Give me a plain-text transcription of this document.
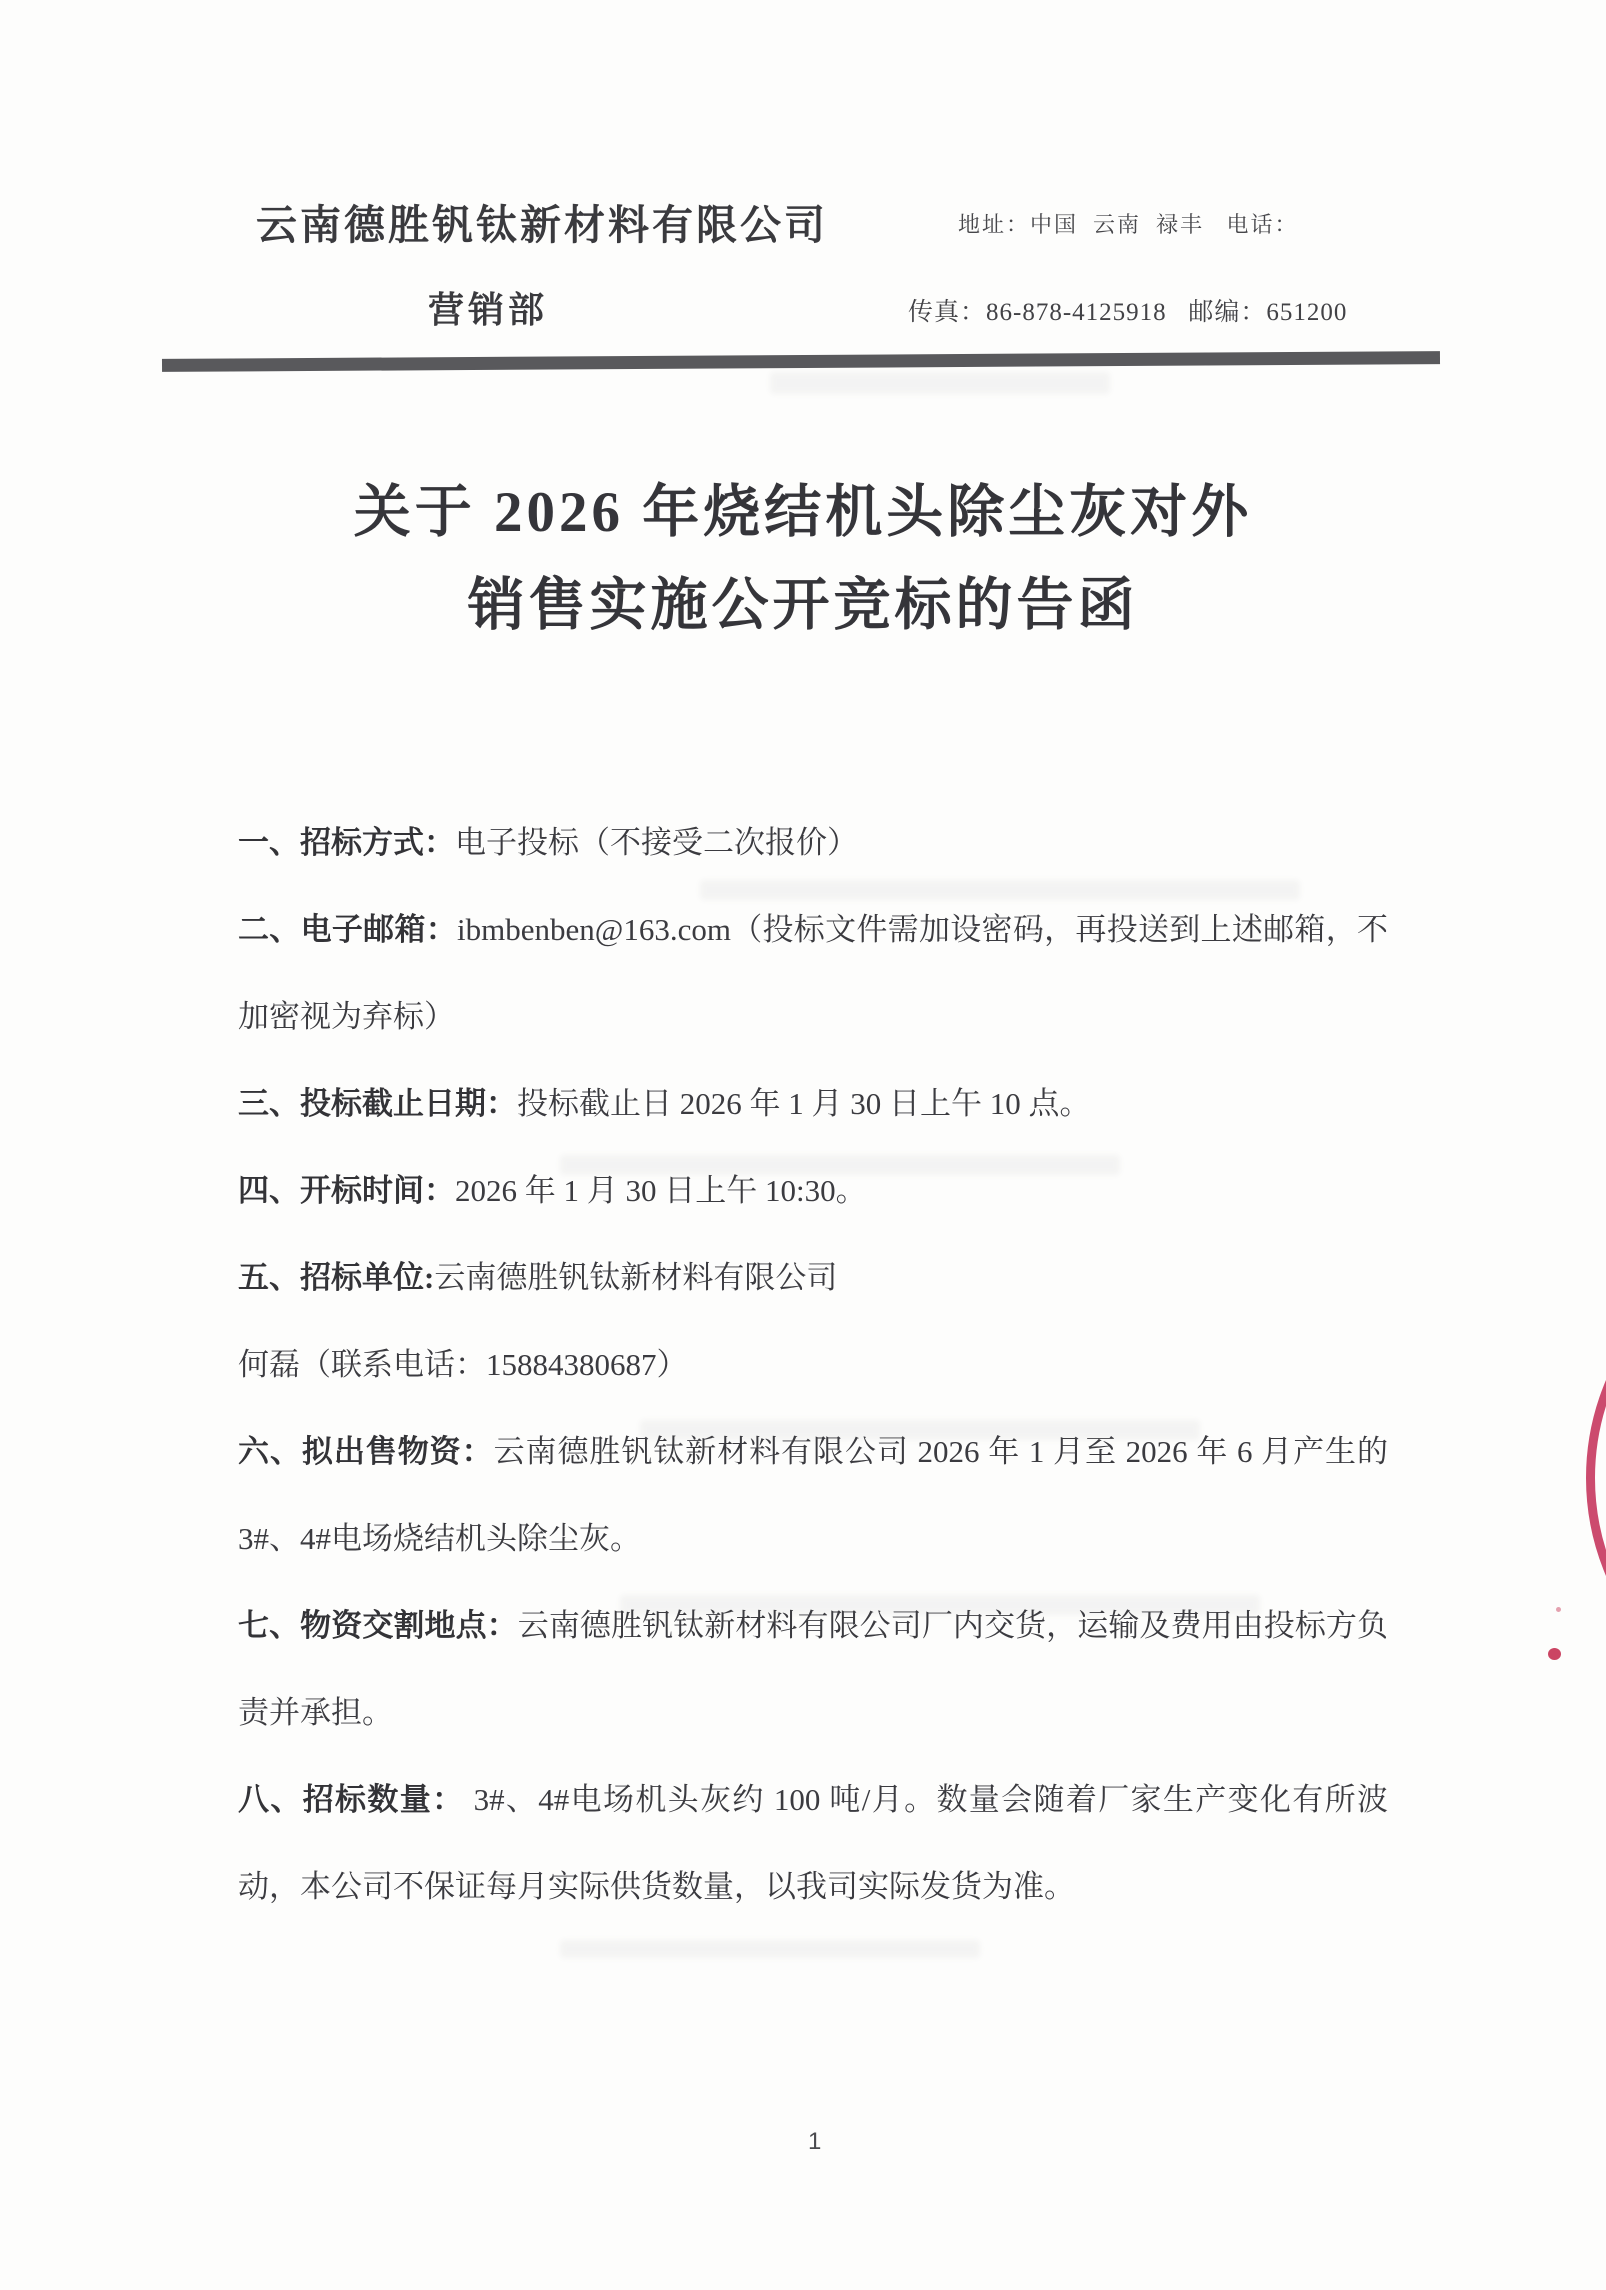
云南德胜钒钛新材料有限公司
营销部
地址：中国  云南  禄丰   电话：
传真：86-878-4125918   邮编：651200
关于 2026 年烧结机头除尘灰对外
销售实施公开竞标的告函

一、招标方式：电子投标（不接受二次报价）

二、电子邮箱：ibmbenben@163.com（投标文件需加设密码，再投送到上述邮箱，不加密视为弃标）

三、投标截止日期：投标截止日 2026 年 1 月 30 日上午 10 点。

四、开标时间：2026 年 1 月 30 日上午 10:30。

五、招标单位:云南德胜钒钛新材料有限公司

何磊（联系电话：15884380687）

六、拟出售物资：云南德胜钒钛新材料有限公司 2026 年 1 月至 2026 年 6 月产生的 3#、4#电场烧结机头除尘灰。

七、物资交割地点：云南德胜钒钛新材料有限公司厂内交货，运输及费用由投标方负责并承担。

八、招标数量： 3#、4#电场机头灰约 100 吨/月。数量会随着厂家生产变化有所波动，本公司不保证每月实际供货数量，以我司实际发货为准。

1
